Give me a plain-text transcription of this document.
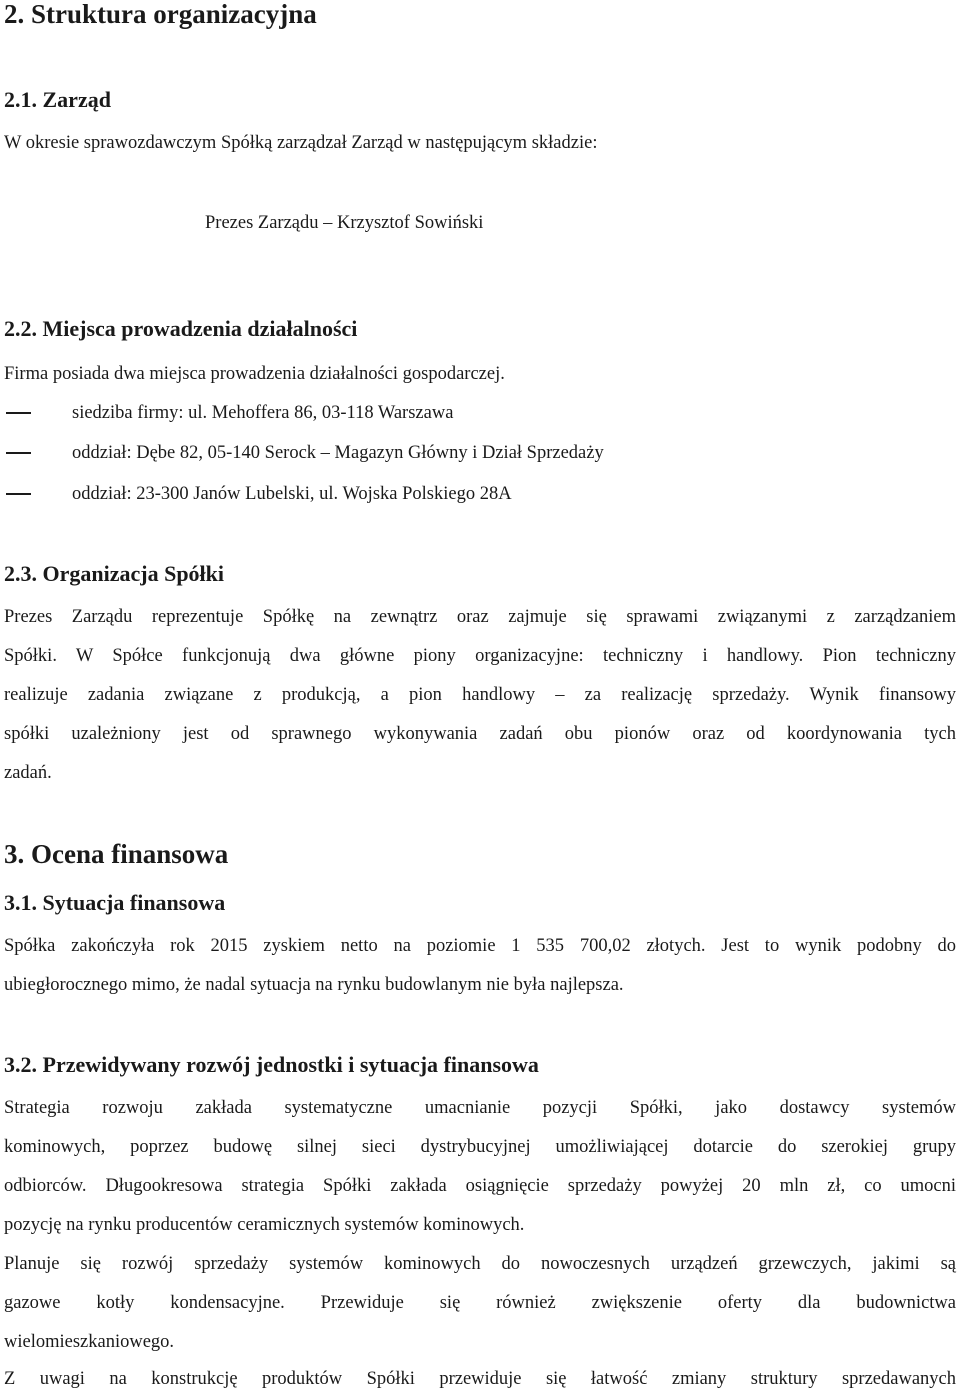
2. Struktura organizacyjna
2.1. Zarząd
W okresie sprawozdawczym Spółką zarządzał Zarząd w następującym składzie:
Prezes Zarządu – Krzysztof Sowiński
2.2. Miejsca prowadzenia działalności
Firma posiada dwa miejsca prowadzenia działalności gospodarczej.
siedziba firmy: ul. Mehoffera 86, 03-118 Warszawa
oddział: Dębe 82, 05-140 Serock – Magazyn Główny i Dział Sprzedaży
oddział: 23-300 Janów Lubelski, ul. Wojska Polskiego 28A
2.3. Organizacja Spółki
Prezes Zarządu reprezentuje Spółkę na zewnątrz oraz zajmuje się sprawami związanymi z zarządzaniem
Spółki. W Spółce funkcjonują dwa główne piony organizacyjne: techniczny i handlowy. Pion techniczny
realizuje zadania związane z produkcją, a pion handlowy – za realizację sprzedaży. Wynik finansowy
spółki uzależniony jest od sprawnego wykonywania zadań obu pionów oraz od koordynowania tych
zadań.
3. Ocena finansowa
3.1. Sytuacja finansowa
Spółka zakończyła rok 2015 zyskiem netto na poziomie 1 535 700,02 złotych. Jest to wynik podobny do
ubiegłorocznego mimo, że nadal sytuacja na rynku budowlanym nie była najlepsza.
3.2. Przewidywany rozwój jednostki i sytuacja finansowa
Strategia rozwoju zakłada systematyczne umacnianie pozycji Spółki, jako dostawcy systemów
kominowych, poprzez budowę silnej sieci dystrybucyjnej umożliwiającej dotarcie do szerokiej grupy
odbiorców. Długookresowa strategia Spółki zakłada osiągnięcie sprzedaży powyżej 20 mln zł, co umocni
pozycję na rynku producentów ceramicznych systemów kominowych.
Planuje się rozwój sprzedaży systemów kominowych do nowoczesnych urządzeń grzewczych, jakimi są
gazowe kotły kondensacyjne. Przewiduje się również zwiększenie oferty dla budownictwa
wielomieszkaniowego.
Z uwagi na konstrukcję produktów Spółki przewiduje się łatwość zmiany struktury sprzedawanych
